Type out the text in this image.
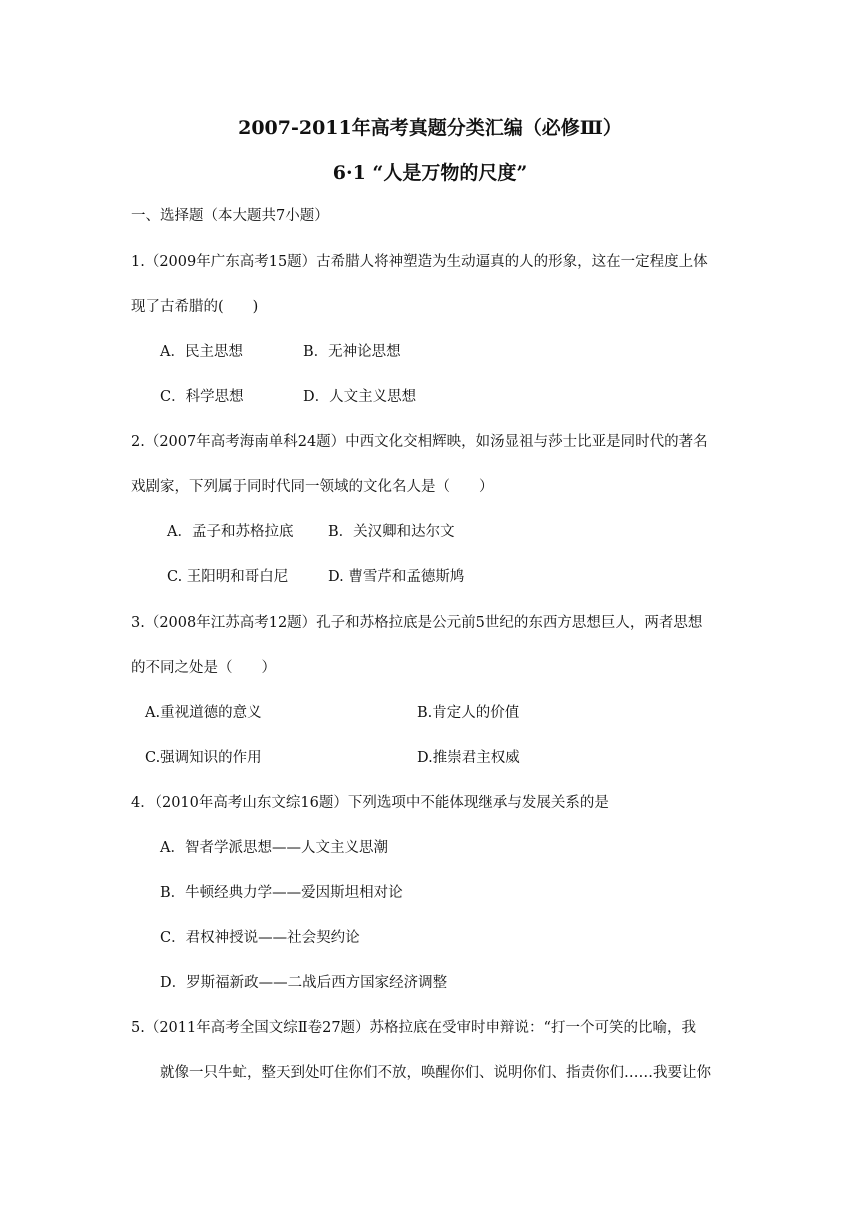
2007-2011年高考真题分类汇编（必修Ⅲ）
6·1 “人是万物的尺度”
一、选择题（本大题共7小题）
1.（2009年广东高考15题）古希腊人将神塑造为生动逼真的人的形象，这在一定程度上体
现了古希腊的(　　)
A．民主思想	B．无神论思想
C．科学思想	D．人文主义思想
2.（2007年高考海南单科24题）中西文化交相辉映，如汤显祖与莎士比亚是同时代的著名
戏剧家，下列属于同时代同一领域的文化名人是（　　）
A．孟子和苏格拉底 B．关汉卿和达尔文
C. 王阳明和哥白尼	D. 曹雪芹和孟德斯鸠
3.（2008年江苏高考12题）孔子和苏格拉底是公元前5世纪的东西方思想巨人，两者思想
的不同之处是（　　）
A.重视道德的意义	B.肯定人的价值
C.强调知识的作用	D.推崇君主权威
4．（2010年高考山东文综16题）下列选项中不能体现继承与发展关系的是
A．智者学派思想——人文主义思潮
B．牛顿经典力学——爱因斯坦相对论
C．君权神授说——社会契约论
D．罗斯福新政——二战后西方国家经济调整
5.（2011年高考全国文综Ⅱ卷27题）苏格拉底在受审时申辩说：“打一个可笑的比喻，我
就像一只牛虻，整天到处叮住你们不放，唤醒你们、说明你们、指责你们……我要让你
